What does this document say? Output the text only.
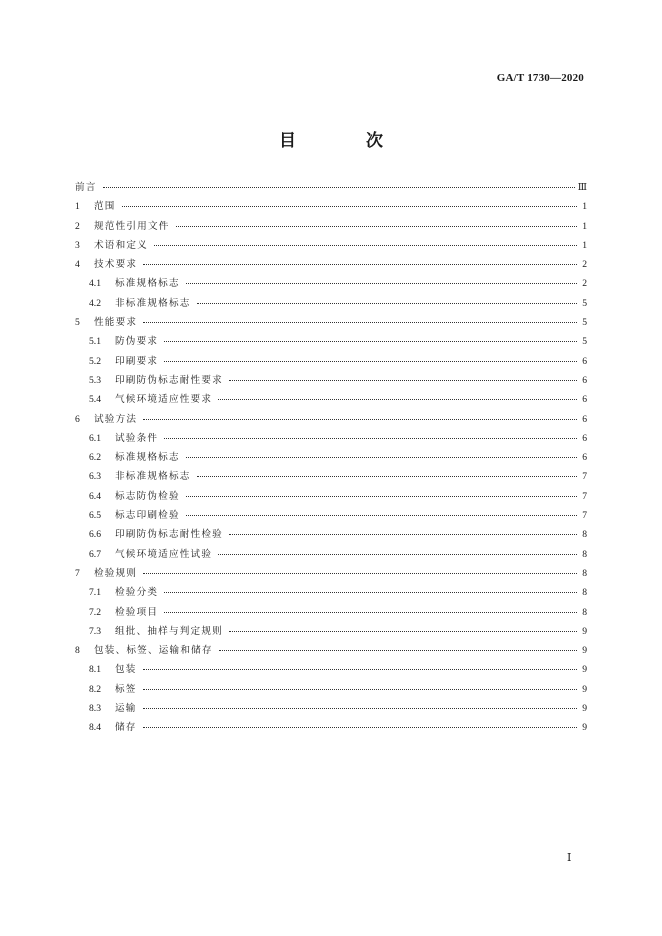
GA/T 1730—2020
目 次
前言	Ⅲ
1	范围	1
2	规范性引用文件	1
3	术语和定义	1
4	技术要求	2
4.1	标准规格标志	2
4.2	非标准规格标志	5
5	性能要求	5
5.1	防伪要求	5
5.2	印刷要求	6
5.3	印刷防伪标志耐性要求	6
5.4	气候环境适应性要求	6
6	试验方法	6
6.1	试验条件	6
6.2	标准规格标志	6
6.3	非标准规格标志	7
6.4	标志防伪检验	7
6.5	标志印刷检验	7
6.6	印刷防伪标志耐性检验	8
6.7	气候环境适应性试验	8
7	检验规则	8
7.1	检验分类	8
7.2	检验项目	8
7.3	组批、抽样与判定规则	9
8	包装、标签、运输和储存	9
8.1	包装	9
8.2	标签	9
8.3	运输	9
8.4	储存	9
Ⅰ
